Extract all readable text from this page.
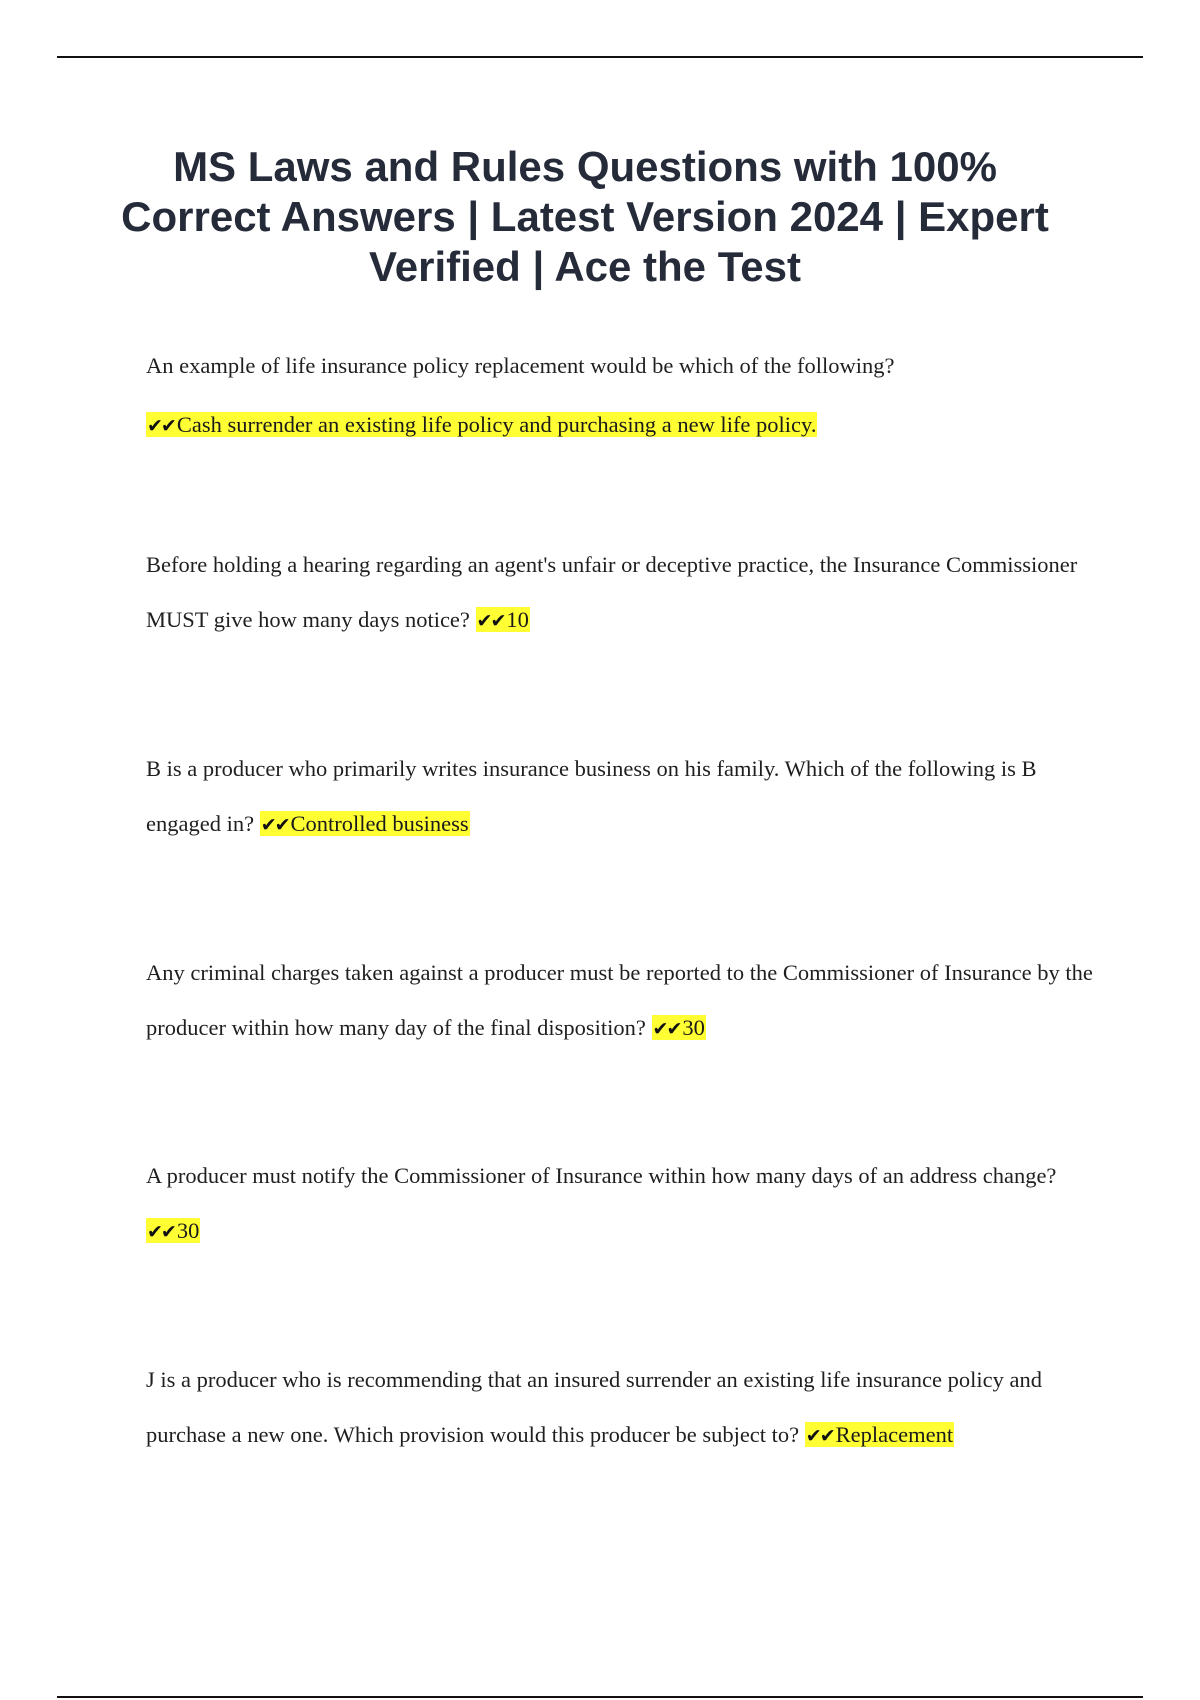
MS Laws and Rules Questions with 100% Correct Answers | Latest Version 2024 | Expert Verified | Ace the Test

An example of life insurance policy replacement would be which of the following?
✔✔Cash surrender an existing life policy and purchasing a new life policy.

Before holding a hearing regarding an agent's unfair or deceptive practice, the Insurance Commissioner MUST give how many days notice? ✔✔10

B is a producer who primarily writes insurance business on his family. Which of the following is B engaged in? ✔✔Controlled business

Any criminal charges taken against a producer must be reported to the Commissioner of Insurance by the producer within how many day of the final disposition? ✔✔30

A producer must notify the Commissioner of Insurance within how many days of an address change? ✔✔30

J is a producer who is recommending that an insured surrender an existing life insurance policy and purchase a new one. Which provision would this producer be subject to? ✔✔Replacement
